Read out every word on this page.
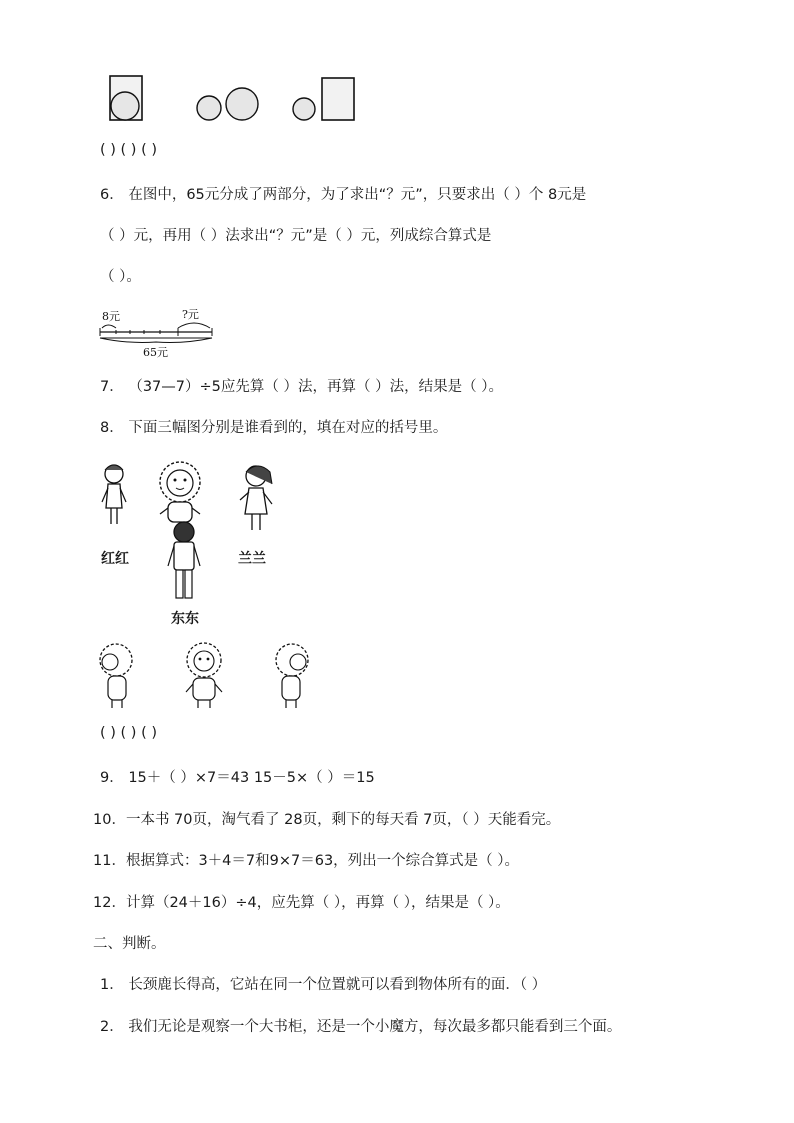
( ) ( ) ( )
6． 在图中，65元分成了两部分，为了求出“？元”，只要求出（ ）个 8元是
（ ）元，再用（ ）法求出“？元”是（ ）元，列成综合算式是
（ ）。
8元	?元
65元
7． （37—7）÷5应先算（ ）法，再算（ ）法，结果是（ ）。
8． 下面三幅图分别是谁看到的，填在对应的括号里。
红红	兰兰
东东
( ) ( ) ( )
9． 15＋（ ）×7＝43 15－5×（ ）＝15
10．一本书 70页，淘气看了 28页，剩下的每天看 7页，（ ）天能看完。
11．根据算式：3＋4＝7和9×7＝63，列出一个综合算式是（ ）。
12．计算（24＋16）÷4，应先算（ ），再算（ ），结果是（ ）。
二、判断。
1． 长颈鹿长得高，它站在同一个位置就可以看到物体所有的面．（ ）
2． 我们无论是观察一个大书柜，还是一个小魔方，每次最多都只能看到三个面。
